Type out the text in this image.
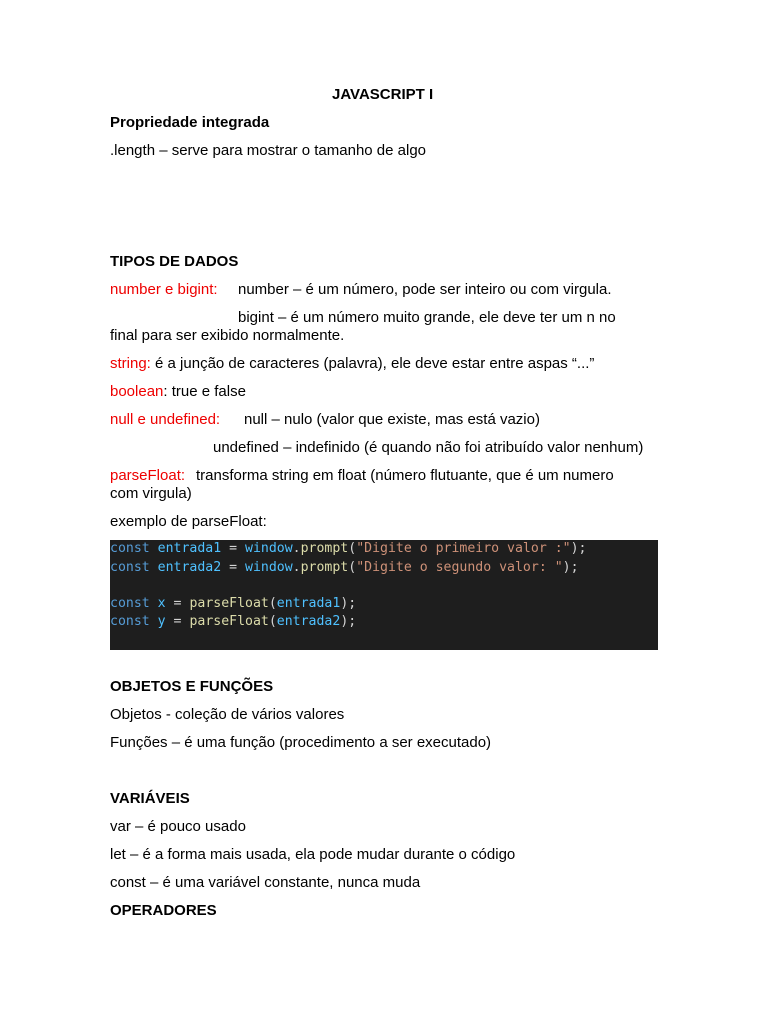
JAVASCRIPT I
Propriedade integrada
.length – serve para mostrar o tamanho de algo
TIPOS DE DADOS
number e bigint: number – é um número, pode ser inteiro ou com virgula.
bigint – é um número muito grande, ele deve ter um n no
final para ser exibido normalmente.
string: é a junção de caracteres (palavra), ele deve estar entre aspas “...”
boolean: true e false
null e undefined: null – nulo (valor que existe, mas está vazio)
undefined – indefinido (é quando não foi atribuído valor nenhum)
parseFloat: transforma string em float (número flutuante, que é um numero
com virgula)
exemplo de parseFloat:
const entrada1 = window.prompt("Digite o primeiro valor :");
const entrada2 = window.prompt("Digite o segundo valor: ");
const x = parseFloat(entrada1);
const y = parseFloat(entrada2);
OBJETOS E FUNÇÕES
Objetos - coleção de vários valores
Funções – é uma função (procedimento a ser executado)
VARIÁVEIS
var – é pouco usado
let – é a forma mais usada, ela pode mudar durante o código
const – é uma variável constante, nunca muda
OPERADORES
